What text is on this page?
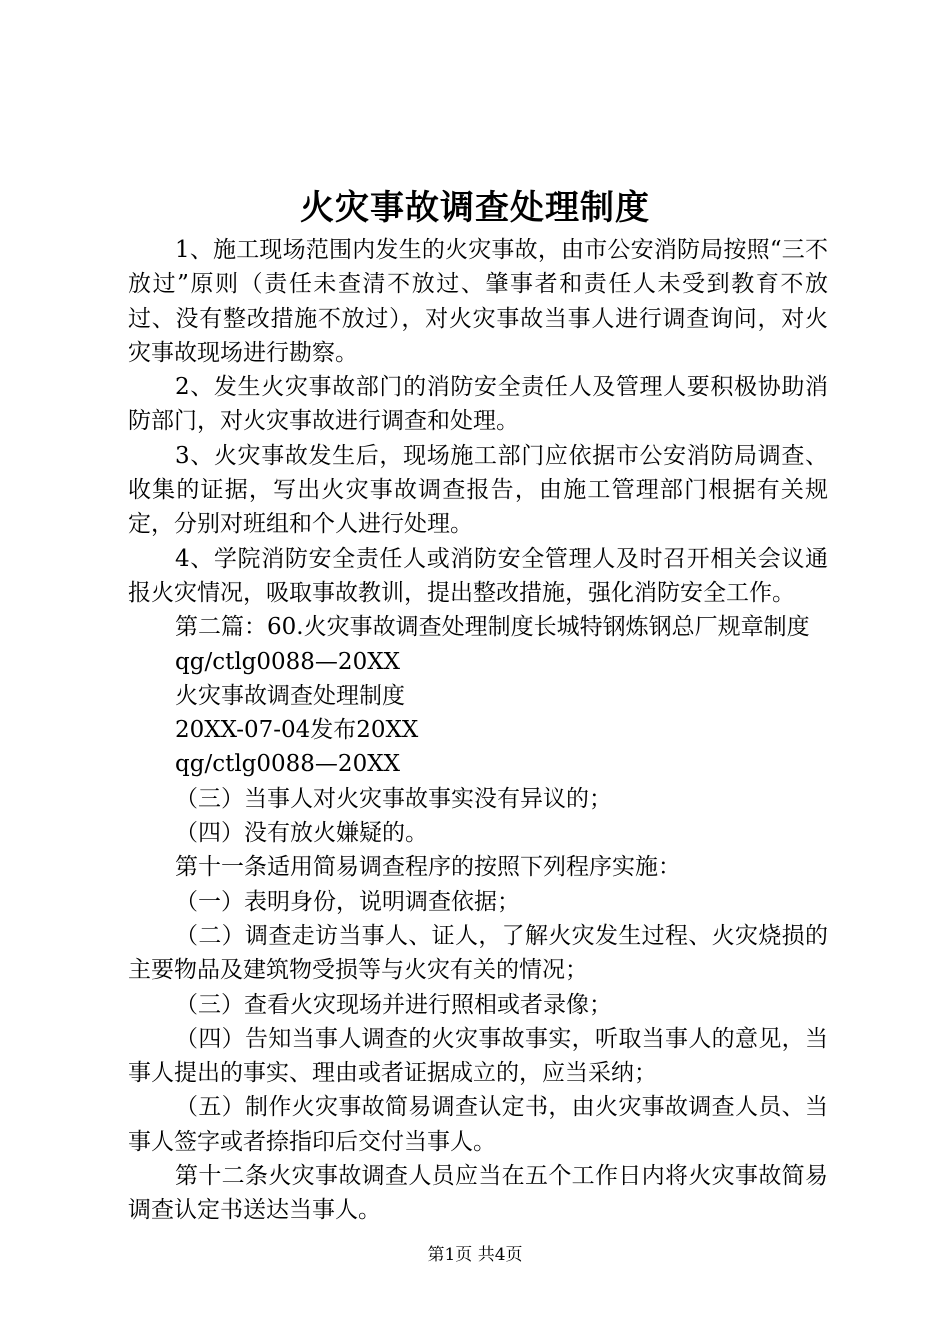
火灾事故调查处理制度

1、施工现场范围内发生的火灾事故，由市公安消防局按照“三不放过”原则（责任未查清不放过、肇事者和责任人未受到教育不放过、没有整改措施不放过），对火灾事故当事人进行调查询问，对火灾事故现场进行勘察。

2、发生火灾事故部门的消防安全责任人及管理人要积极协助消防部门，对火灾事故进行调查和处理。

3、火灾事故发生后，现场施工部门应依据市公安消防局调查、收集的证据，写出火灾事故调查报告，由施工管理部门根据有关规定，分别对班组和个人进行处理。

4、学院消防安全责任人或消防安全管理人及时召开相关会议通报火灾情况，吸取事故教训，提出整改措施，强化消防安全工作。

第二篇：60.火灾事故调查处理制度长城特钢炼钢总厂规章制度

qg/ctlg0088—20XX

火灾事故调查处理制度

20XX-07-04发布20XX

qg/ctlg0088—20XX

（三）当事人对火灾事故事实没有异议的；

（四）没有放火嫌疑的。

第十一条适用简易调查程序的按照下列程序实施：

（一）表明身份，说明调查依据；

（二）调查走访当事人、证人，了解火灾发生过程、火灾烧损的主要物品及建筑物受损等与火灾有关的情况；

（三）查看火灾现场并进行照相或者录像；

（四）告知当事人调查的火灾事故事实，听取当事人的意见，当事人提出的事实、理由或者证据成立的，应当采纳；

（五）制作火灾事故简易调查认定书，由火灾事故调查人员、当事人签字或者捺指印后交付当事人。

第十二条火灾事故调查人员应当在五个工作日内将火灾事故简易调查认定书送达当事人。

第1页 共4页
